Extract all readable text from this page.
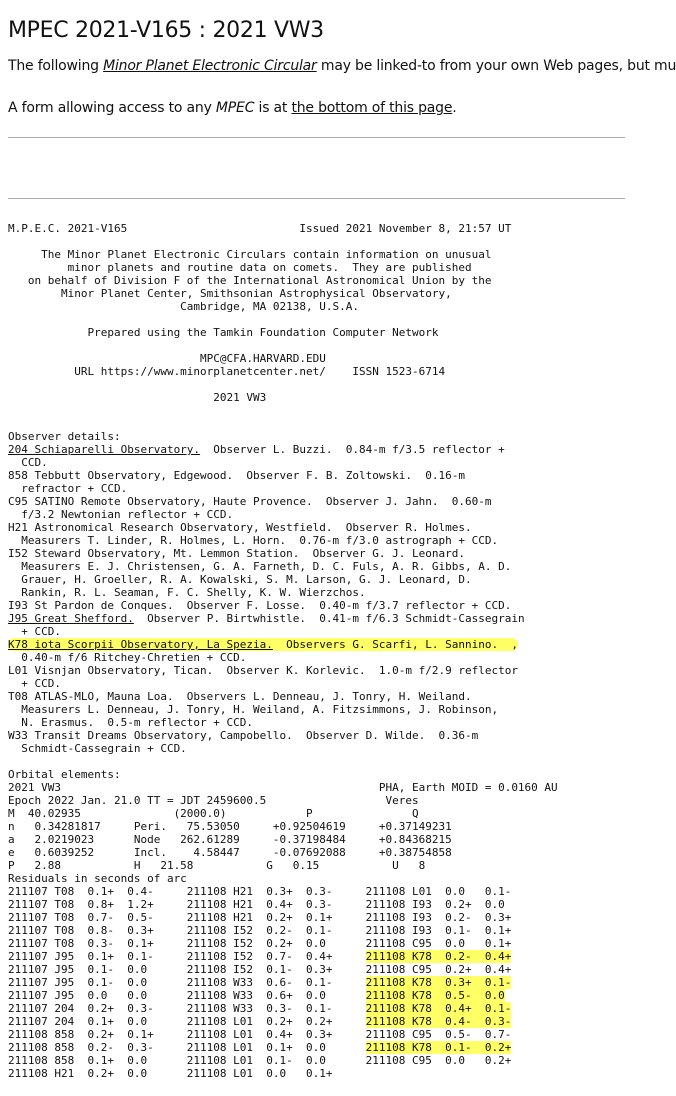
MPEC 2021-V165 : 2021 VW3
The following Minor Planet Electronic Circular may be linked-to from your own Web pages, but mu
A form allowing access to any MPEC is at the bottom of this page.
M.P.E.C. 2021-V165                          Issued 2021 November 8, 21:57 UT

The Minor Planet Electronic Circulars contain information on unusual
minor planets and routine data on comets.  They are published
on behalf of Division F of the International Astronomical Union by the
Minor Planet Center, Smithsonian Astrophysical Observatory,
Cambridge, MA 02138, U.S.A.

Prepared using the Tamkin Foundation Computer Network

MPC@CFA.HARVARD.EDU
URL https://www.minorplanetcenter.net/    ISSN 1523-6714

2021 VW3

Observer details:
204 Schiaparelli Observatory.  Observer L. Buzzi.  0.84-m f/3.5 reflector +
CCD.
858 Tebbutt Observatory, Edgewood.  Observer F. B. Zoltowski.  0.16-m
refractor + CCD.
C95 SATINO Remote Observatory, Haute Provence.  Observer J. Jahn.  0.60-m
f/3.2 Newtonian reflector + CCD.
H21 Astronomical Research Observatory, Westfield.  Observer R. Holmes.
Measurers T. Linder, R. Holmes, L. Horn.  0.76-m f/3.0 astrograph + CCD.
I52 Steward Observatory, Mt. Lemmon Station.  Observer G. J. Leonard.
Measurers E. J. Christensen, G. A. Farneth, D. C. Fuls, A. R. Gibbs, A. D.
Grauer, H. Groeller, R. A. Kowalski, S. M. Larson, G. J. Leonard, D.
Rankin, R. L. Seaman, F. C. Shelly, K. W. Wierzchos.
I93 St Pardon de Conques.  Observer F. Losse.  0.40-m f/3.7 reflector + CCD.
J95 Great Shefford.  Observer P. Birtwhistle.  0.41-m f/6.3 Schmidt-Cassegrain
+ CCD.
K78 iota Scorpii Observatory, La Spezia.  Observers G. Scarfi, L. Sannino.  ,
0.40-m f/6 Ritchey-Chretien + CCD.
L01 Visnjan Observatory, Tican.  Observer K. Korlevic.  1.0-m f/2.9 reflector
+ CCD.
T08 ATLAS-MLO, Mauna Loa.  Observers L. Denneau, J. Tonry, H. Weiland.
Measurers L. Denneau, J. Tonry, H. Weiland, A. Fitzsimmons, J. Robinson,
N. Erasmus.  0.5-m reflector + CCD.
W33 Transit Dreams Observatory, Campobello.  Observer D. Wilde.  0.36-m
Schmidt-Cassegrain + CCD.

Orbital elements:
2021 VW3                                                PHA, Earth MOID = 0.0160 AU
Epoch 2022 Jan. 21.0 TT = JDT 2459600.5                  Veres
M  40.02935              (2000.0)            P               Q
n   0.34281817     Peri.   75.53050     +0.92504619     +0.37149231
a   2.0219023      Node   262.61289     -0.37198484     +0.84368215
e   0.6039252      Incl.    4.58447     -0.07692088     +0.38754858
P   2.88           H   21.58           G   0.15           U   8
Residuals in seconds of arc
211107 T08  0.1+  0.4-     211108 H21  0.3+  0.3-     211108 L01  0.0   0.1-
211107 T08  0.8+  1.2+     211108 H21  0.4+  0.3-     211108 I93  0.2+  0.0
211107 T08  0.7-  0.5-     211108 H21  0.2+  0.1+     211108 I93  0.2-  0.3+
211107 T08  0.8-  0.3+     211108 I52  0.2-  0.1-     211108 I93  0.1-  0.1+
211107 T08  0.3-  0.1+     211108 I52  0.2+  0.0      211108 C95  0.0   0.1+
211107 J95  0.1+  0.1-     211108 I52  0.7-  0.4+     211108 K78  0.2-  0.4+
211107 J95  0.1-  0.0      211108 I52  0.1-  0.3+     211108 C95  0.2+  0.4+
211107 J95  0.1-  0.0      211108 W33  0.6-  0.1-     211108 K78  0.3+  0.1-
211107 J95  0.0   0.0      211108 W33  0.6+  0.0      211108 K78  0.5-  0.0
211107 204  0.2+  0.3-     211108 W33  0.3-  0.1-     211108 K78  0.4+  0.1-
211107 204  0.1+  0.0      211108 L01  0.2+  0.2+     211108 K78  0.4-  0.3-
211108 858  0.2+  0.1+     211108 L01  0.4+  0.3+     211108 C95  0.5-  0.7-
211108 858  0.2-  0.3-     211108 L01  0.1+  0.0      211108 K78  0.1-  0.2+
211108 858  0.1+  0.0      211108 L01  0.1-  0.0      211108 C95  0.0   0.2+
211108 H21  0.2+  0.0      211108 L01  0.0   0.1+
